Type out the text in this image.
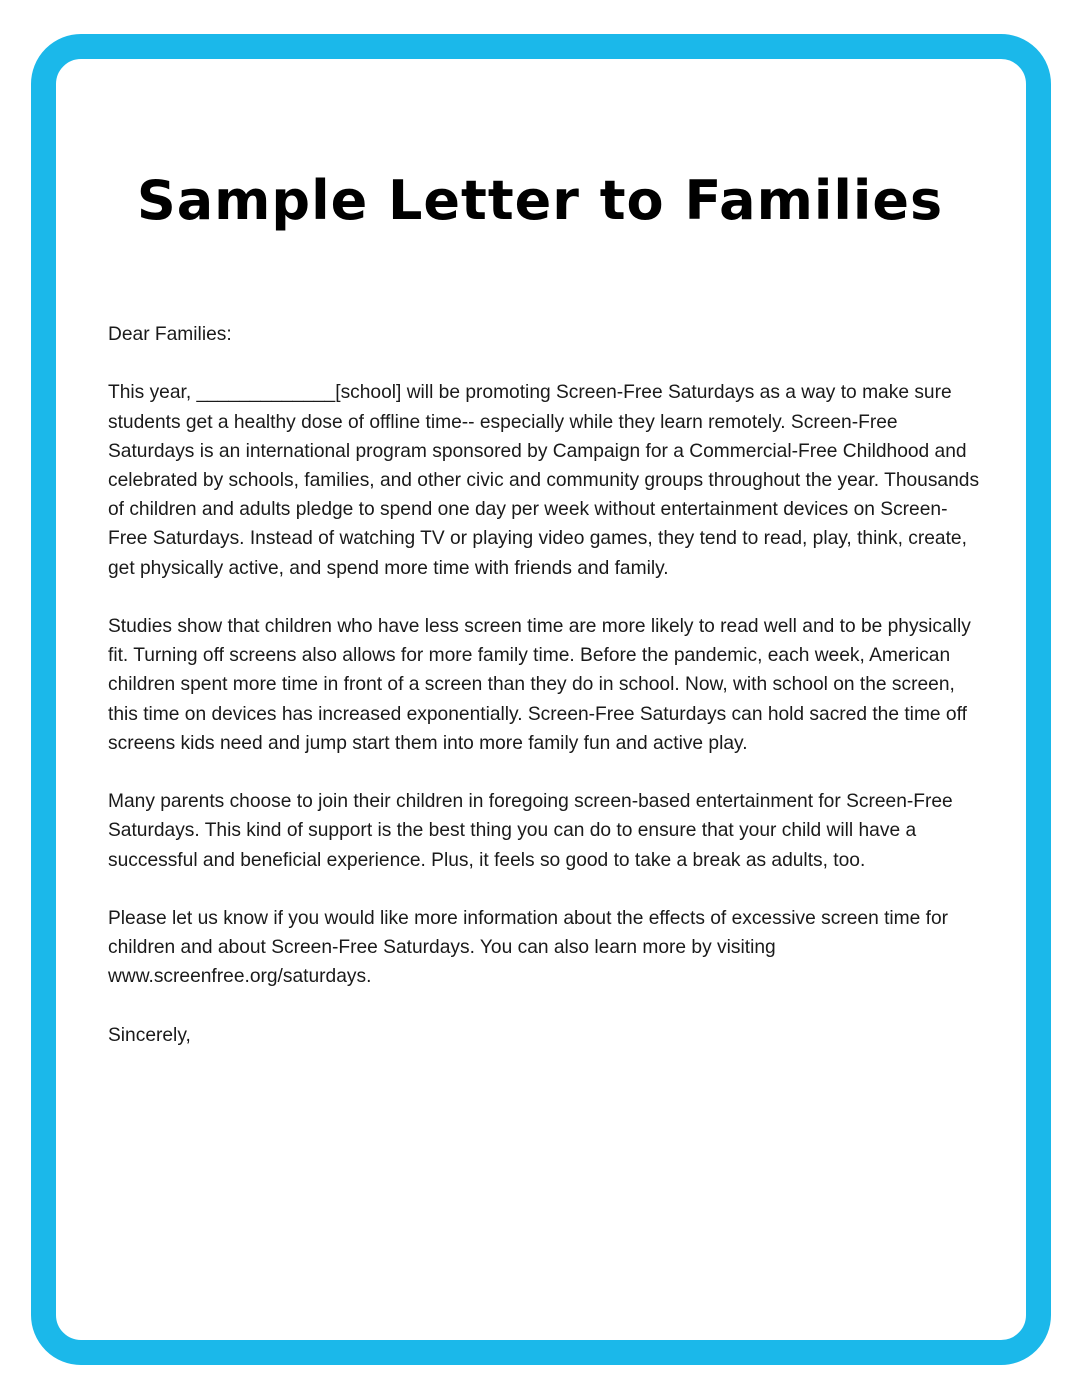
Sample Letter to Families

Dear Families:

This year, _____________[school] will be promoting Screen-Free Saturdays as a way to make sure students get a healthy dose of offline time-- especially while they learn remotely. Screen-Free Saturdays is an international program sponsored by Campaign for a Commercial-Free Childhood and celebrated by schools, families, and other civic and community groups throughout the year. Thousands of children and adults pledge to spend one day per week without entertainment devices on Screen-Free Saturdays. Instead of watching TV or playing video games, they tend to read, play, think, create, get physically active, and spend more time with friends and family.

Studies show that children who have less screen time are more likely to read well and to be physically fit. Turning off screens also allows for more family time. Before the pandemic, each week, American children spent more time in front of a screen than they do in school. Now, with school on the screen, this time on devices has increased exponentially. Screen-Free Saturdays can hold sacred the time off screens kids need and jump start them into more family fun and active play.

Many parents choose to join their children in foregoing screen-based entertainment for Screen-Free Saturdays. This kind of support is the best thing you can do to ensure that your child will have a successful and beneficial experience. Plus, it feels so good to take a break as adults, too.

Please let us know if you would like more information about the effects of excessive screen time for children and about Screen-Free Saturdays. You can also learn more by visiting www.screenfree.org/saturdays.

Sincerely,
